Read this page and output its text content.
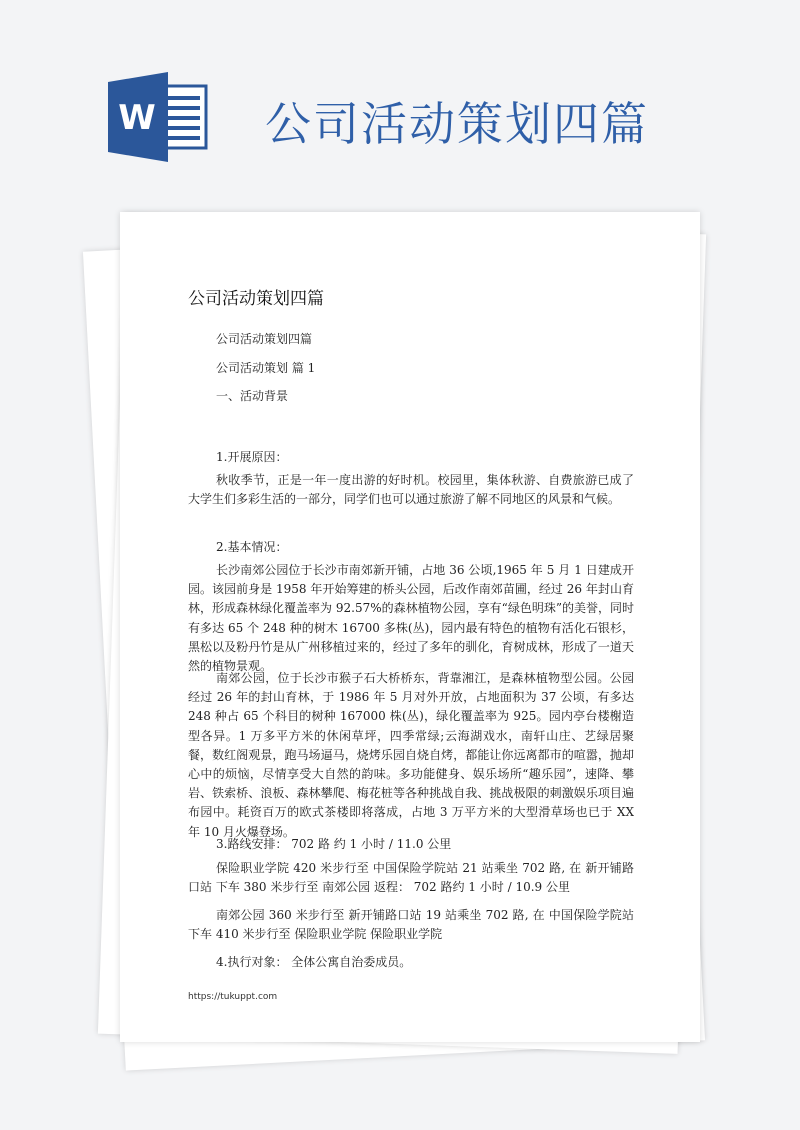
W 公司活动策划四篇
公司活动策划四篇
公司活动策划四篇
公司活动策划 篇 1
一、活动背景
1.开展原因：
秋收季节，正是一年一度出游的好时机。校园里，集体秋游、自费旅游已成了大学生们多彩生活的一部分，同学们也可以通过旅游了解不同地区的风景和气候。
2.基本情况：
长沙南郊公园位于长沙市南郊新开铺，占地 36 公顷,1965 年 5 月 1 日建成开园。该园前身是 1958 年开始筹建的桥头公园，后改作南郊苗圃，经过 26 年封山育林，形成森林绿化覆盖率为 92.57%的森林植物公园，享有“绿色明珠”的美誉，同时有多达 65 个 248 种的树木 16700 多株(丛)，园内最有特色的植物有活化石银杉，黑松以及粉丹竹是从广州移植过来的，经过了多年的驯化，育树成林，形成了一道天然的植物景观。
南郊公园，位于长沙市猴子石大桥桥东，背靠湘江，是森林植物型公园。公园经过 26 年的封山育林，于 1986 年 5 月对外开放，占地面积为 37 公顷，有多达 248 种占 65 个科目的树种 167000 株(丛)，绿化覆盖率为 925。园内亭台楼榭造型各异。1 万多平方米的休闲草坪，四季常绿;云海湖戏水，南轩山庄、艺绿居聚餐，数红阁观景，跑马场逼马，烧烤乐园自烧自烤，都能让你远离都市的喧嚣，抛却心中的烦恼，尽情享受大自然的韵味。多功能健身、娱乐场所“趣乐园”，速降、攀岩、铁索桥、浪板、森林攀爬、梅花桩等各种挑战自我、挑战极限的刺激娱乐项目遍布园中。耗资百万的欧式茶楼即将落成，占地 3 万平方米的大型滑草场也已于 XX 年 10 月火爆登场。
3.路线安排： 702 路 约 1 小时 / 11.0 公里
保险职业学院 420 米步行至 中国保险学院站 21 站乘坐 702 路, 在 新开铺路口站 下车 380 米步行至 南郊公园 返程： 702 路约 1 小时 / 10.9 公里
南郊公园 360 米步行至 新开铺路口站 19 站乘坐 702 路, 在 中国保险学院站 下车 410 米步行至 保险职业学院 保险职业学院
4.执行对象： 全体公寓自治委成员。
https://tukuppt.com
